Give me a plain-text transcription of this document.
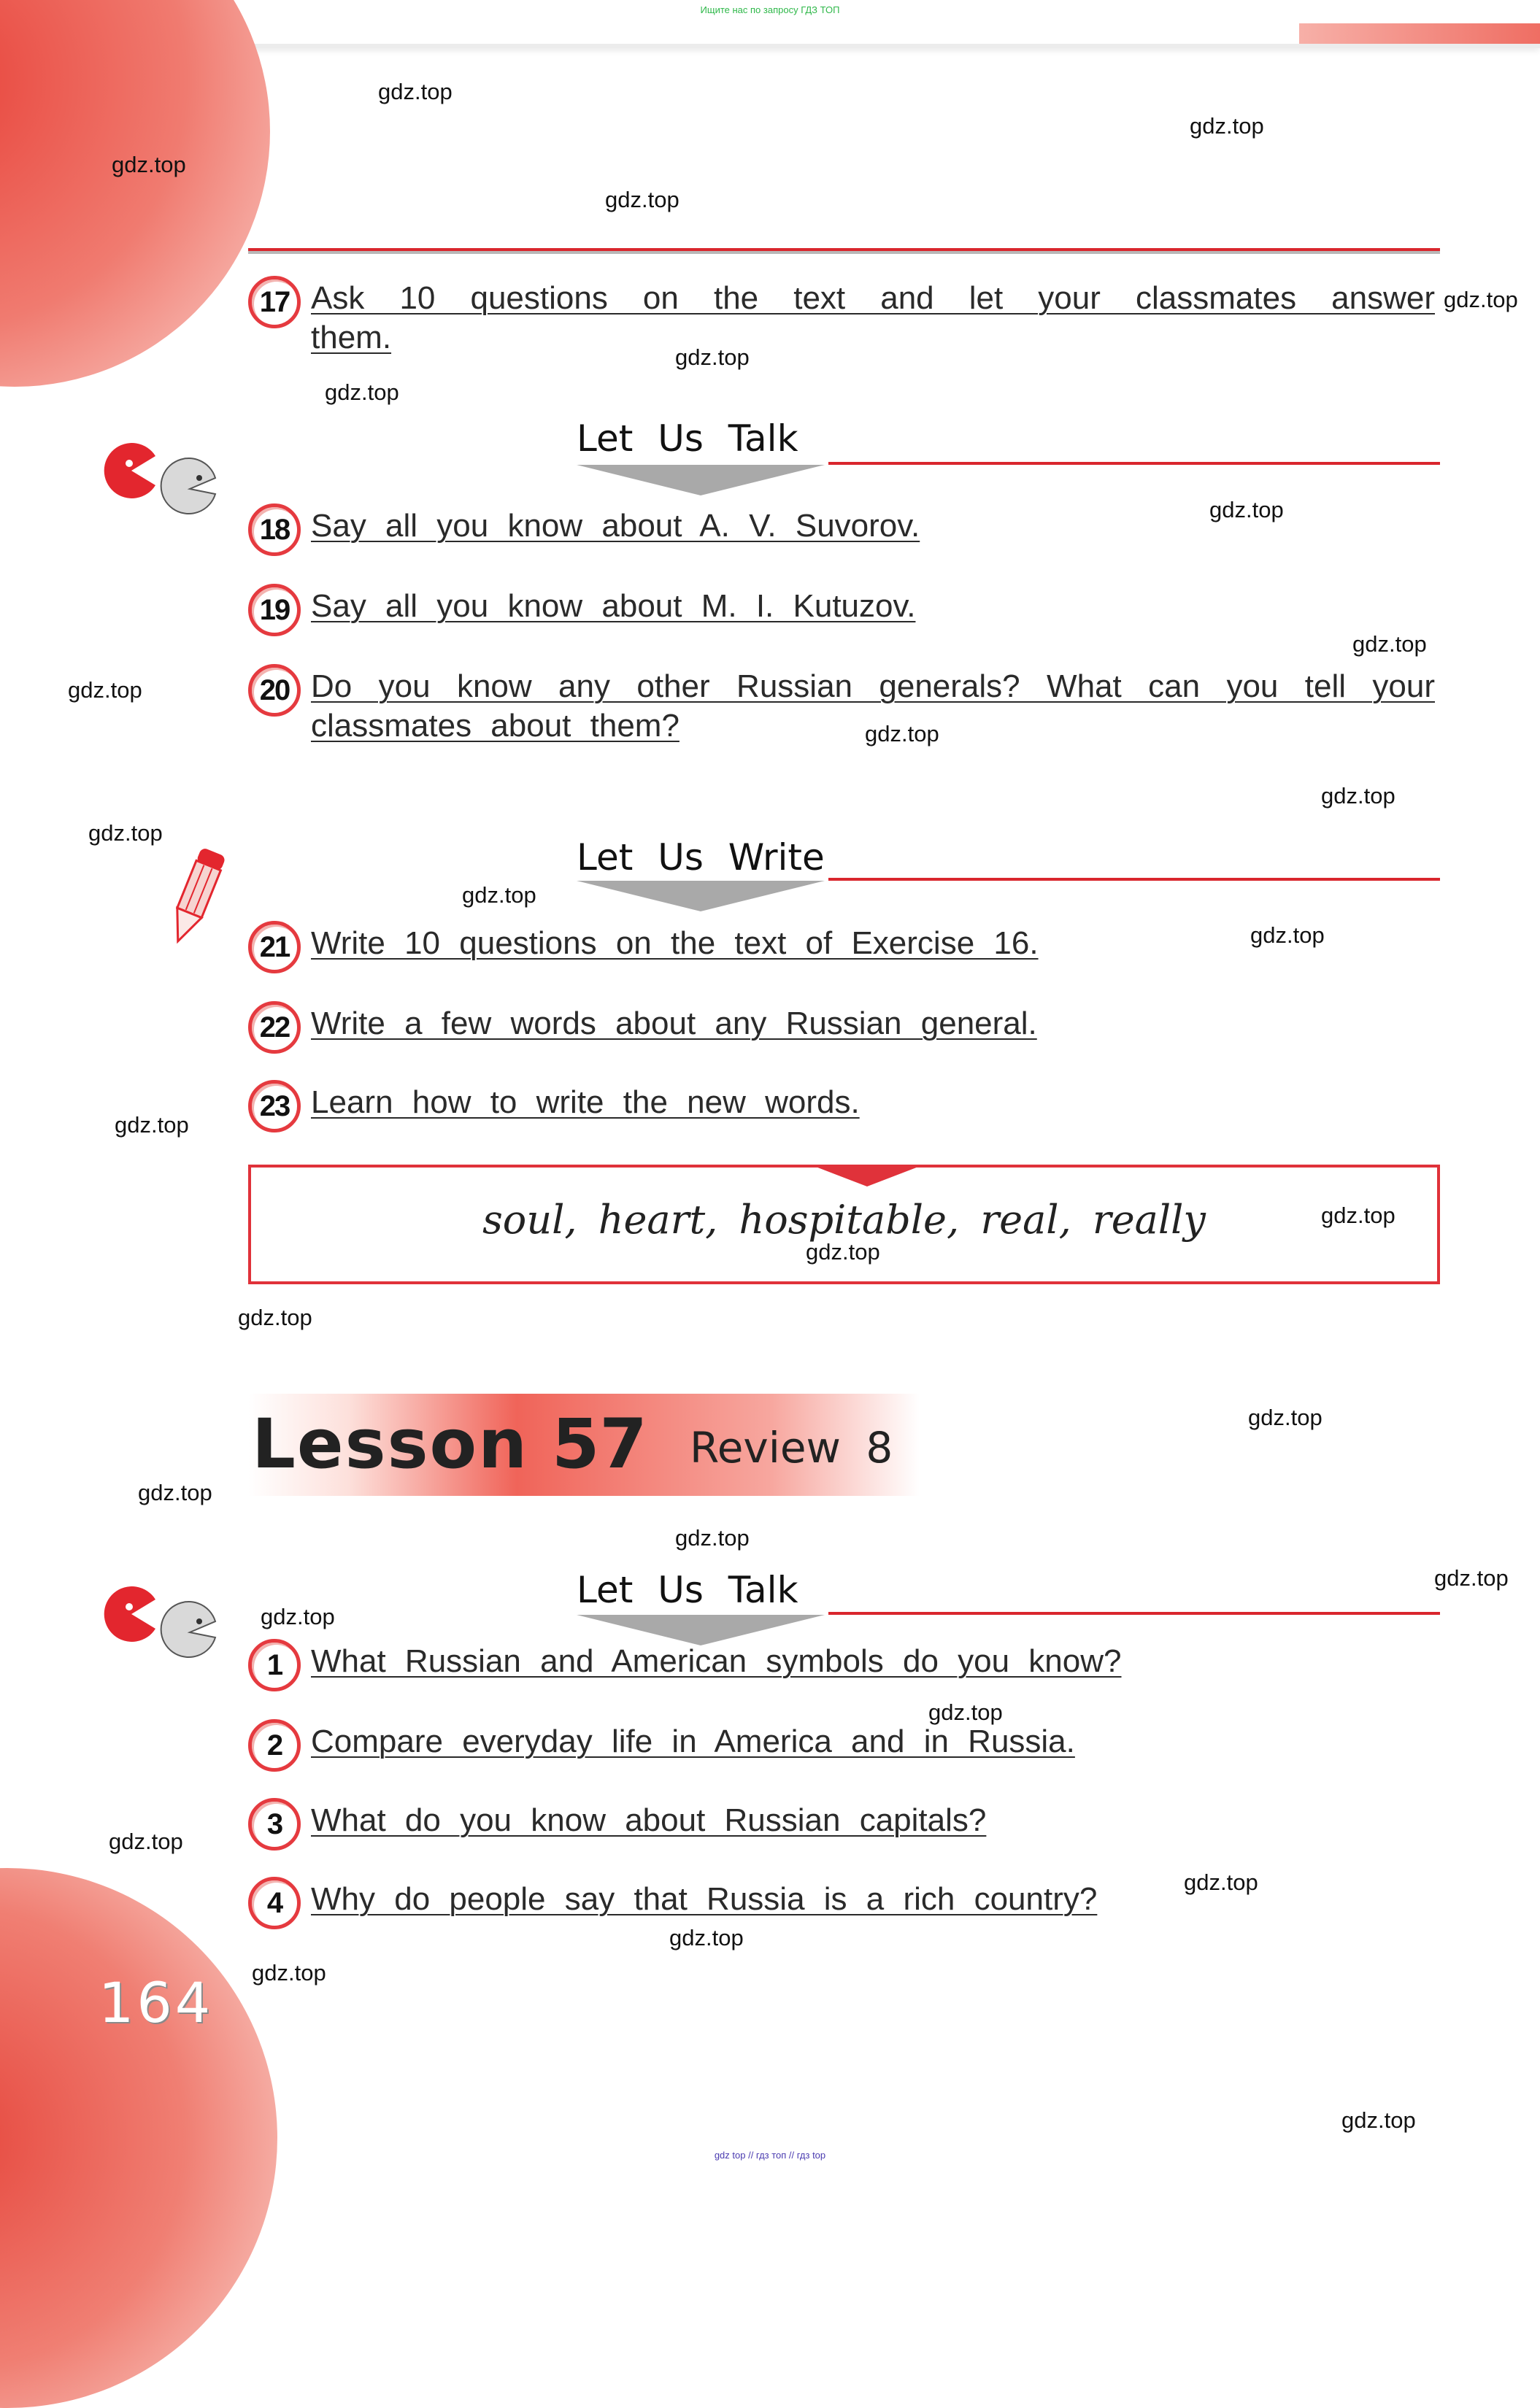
Ищите нас по запросу ГДЗ ТОП
17 Ask 10 questions on the text and let your classmates answer
them.
Let Us Talk
18 Say all you know about A. V. Suvorov.
19 Say all you know about M. I. Kutuzov.
20 Do you know any other Russian generals? What can you tell your
classmates about them?
Let Us Write
21 Write 10 questions on the text of Exercise 16.
22 Write a few words about any Russian general.
23 Learn how to write the new words.
soul, heart, hospitable, real, really
Lesson 57 Review 8
Let Us Talk
1 What Russian and American symbols do you know?
2 Compare everyday life in America and in Russia.
3 What do you know about Russian capitals?
4 Why do people say that Russia is a rich country?
164
gdz.top
gdz.top
gdz.top
gdz.top
gdz.top
gdz.top
gdz.top
gdz.top
gdz.top
gdz.top
gdz.top
gdz.top
gdz.top
gdz.top
gdz.top
gdz.top
gdz.top
gdz.top
gdz.top
gdz.top
gdz.top
gdz.top
gdz.top
gdz.top
gdz.top
gdz.top
gdz.top
gdz.top
gdz.top
gdz.top
gdz top // гдз топ // гдз top
